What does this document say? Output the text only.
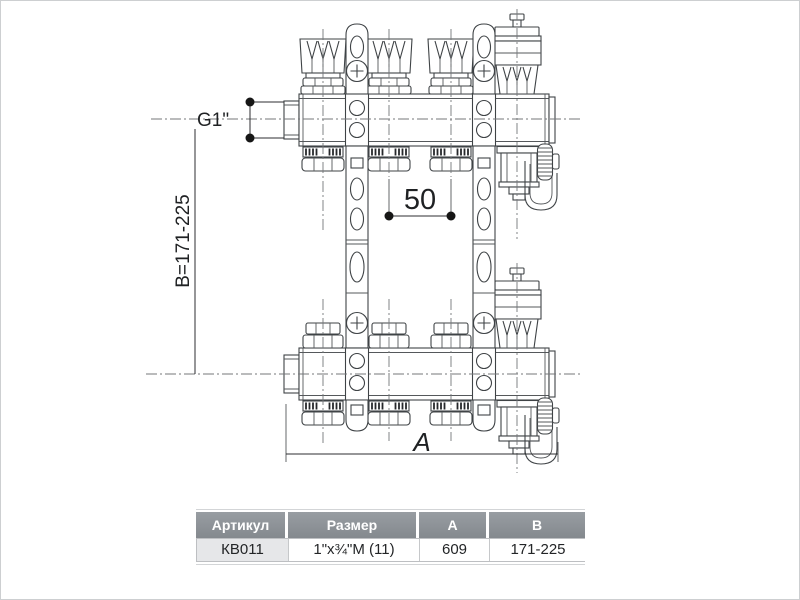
G1"
B=171-225	50
A
Артикул	Размер	A	B
КВ011	1"x¾"M (11)	609	171-225
